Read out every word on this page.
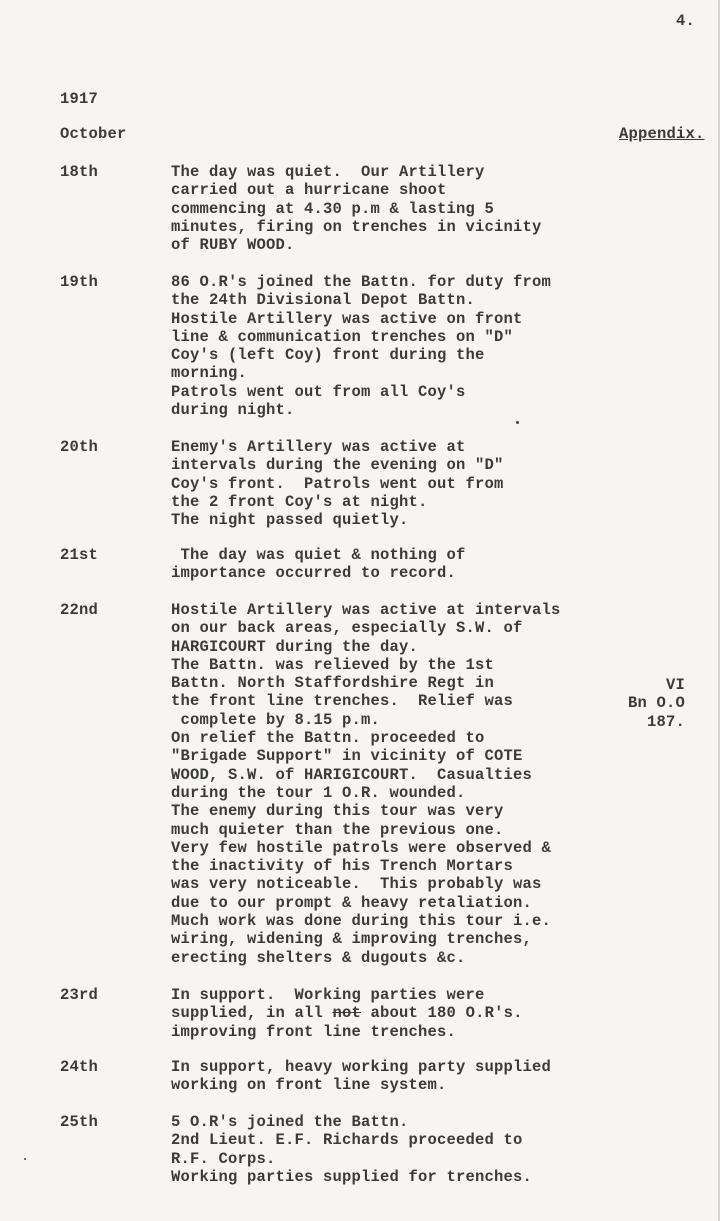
4.
1917
October	Appendix.
18th	The day was quiet.  Our Artillery
carried out a hurricane shoot
commencing at 4.30 p.m & lasting 5
minutes, firing on trenches in vicinity
of RUBY WOOD.
19th	86 O.R's joined the Battn. for duty from
the 24th Divisional Depot Battn.
Hostile Artillery was active on front
line & communication trenches on "D"
Coy's (left Coy) front during the
morning.
Patrols went out from all Coy's
during night.
20th	Enemy's Artillery was active at
intervals during the evening on "D"
Coy's front.  Patrols went out from
the 2 front Coy's at night.
The night passed quietly.
21st	The day was quiet & nothing of
importance occurred to record.
22nd	Hostile Artillery was active at intervals
on our back areas, especially S.W. of
HARGICOURT during the day.
The Battn. was relieved by the 1st
Battn. North Staffordshire Regt in
the front line trenches.  Relief was
complete by 8.15 p.m.
On relief the Battn. proceeded to
"Brigade Support" in vicinity of COTE
WOOD, S.W. of HARIGICOURT.  Casualties
during the tour 1 O.R. wounded.
The enemy during this tour was very
much quieter than the previous one.
Very few hostile patrols were observed &
the inactivity of his Trench Mortars
was very noticeable.  This probably was
due to our prompt & heavy retaliation.
Much work was done during this tour i.e.
wiring, widening & improving trenches,
erecting shelters & dugouts &c.
VI
Bn O.O
187.
23rd	In support.  Working parties were
supplied, in all not about 180 O.R's.
improving front line trenches.
24th	In support, heavy working party supplied
working on front line system.
25th	5 O.R's joined the Battn.
2nd Lieut. E.F. Richards proceeded to
R.F. Corps.
Working parties supplied for trenches.
